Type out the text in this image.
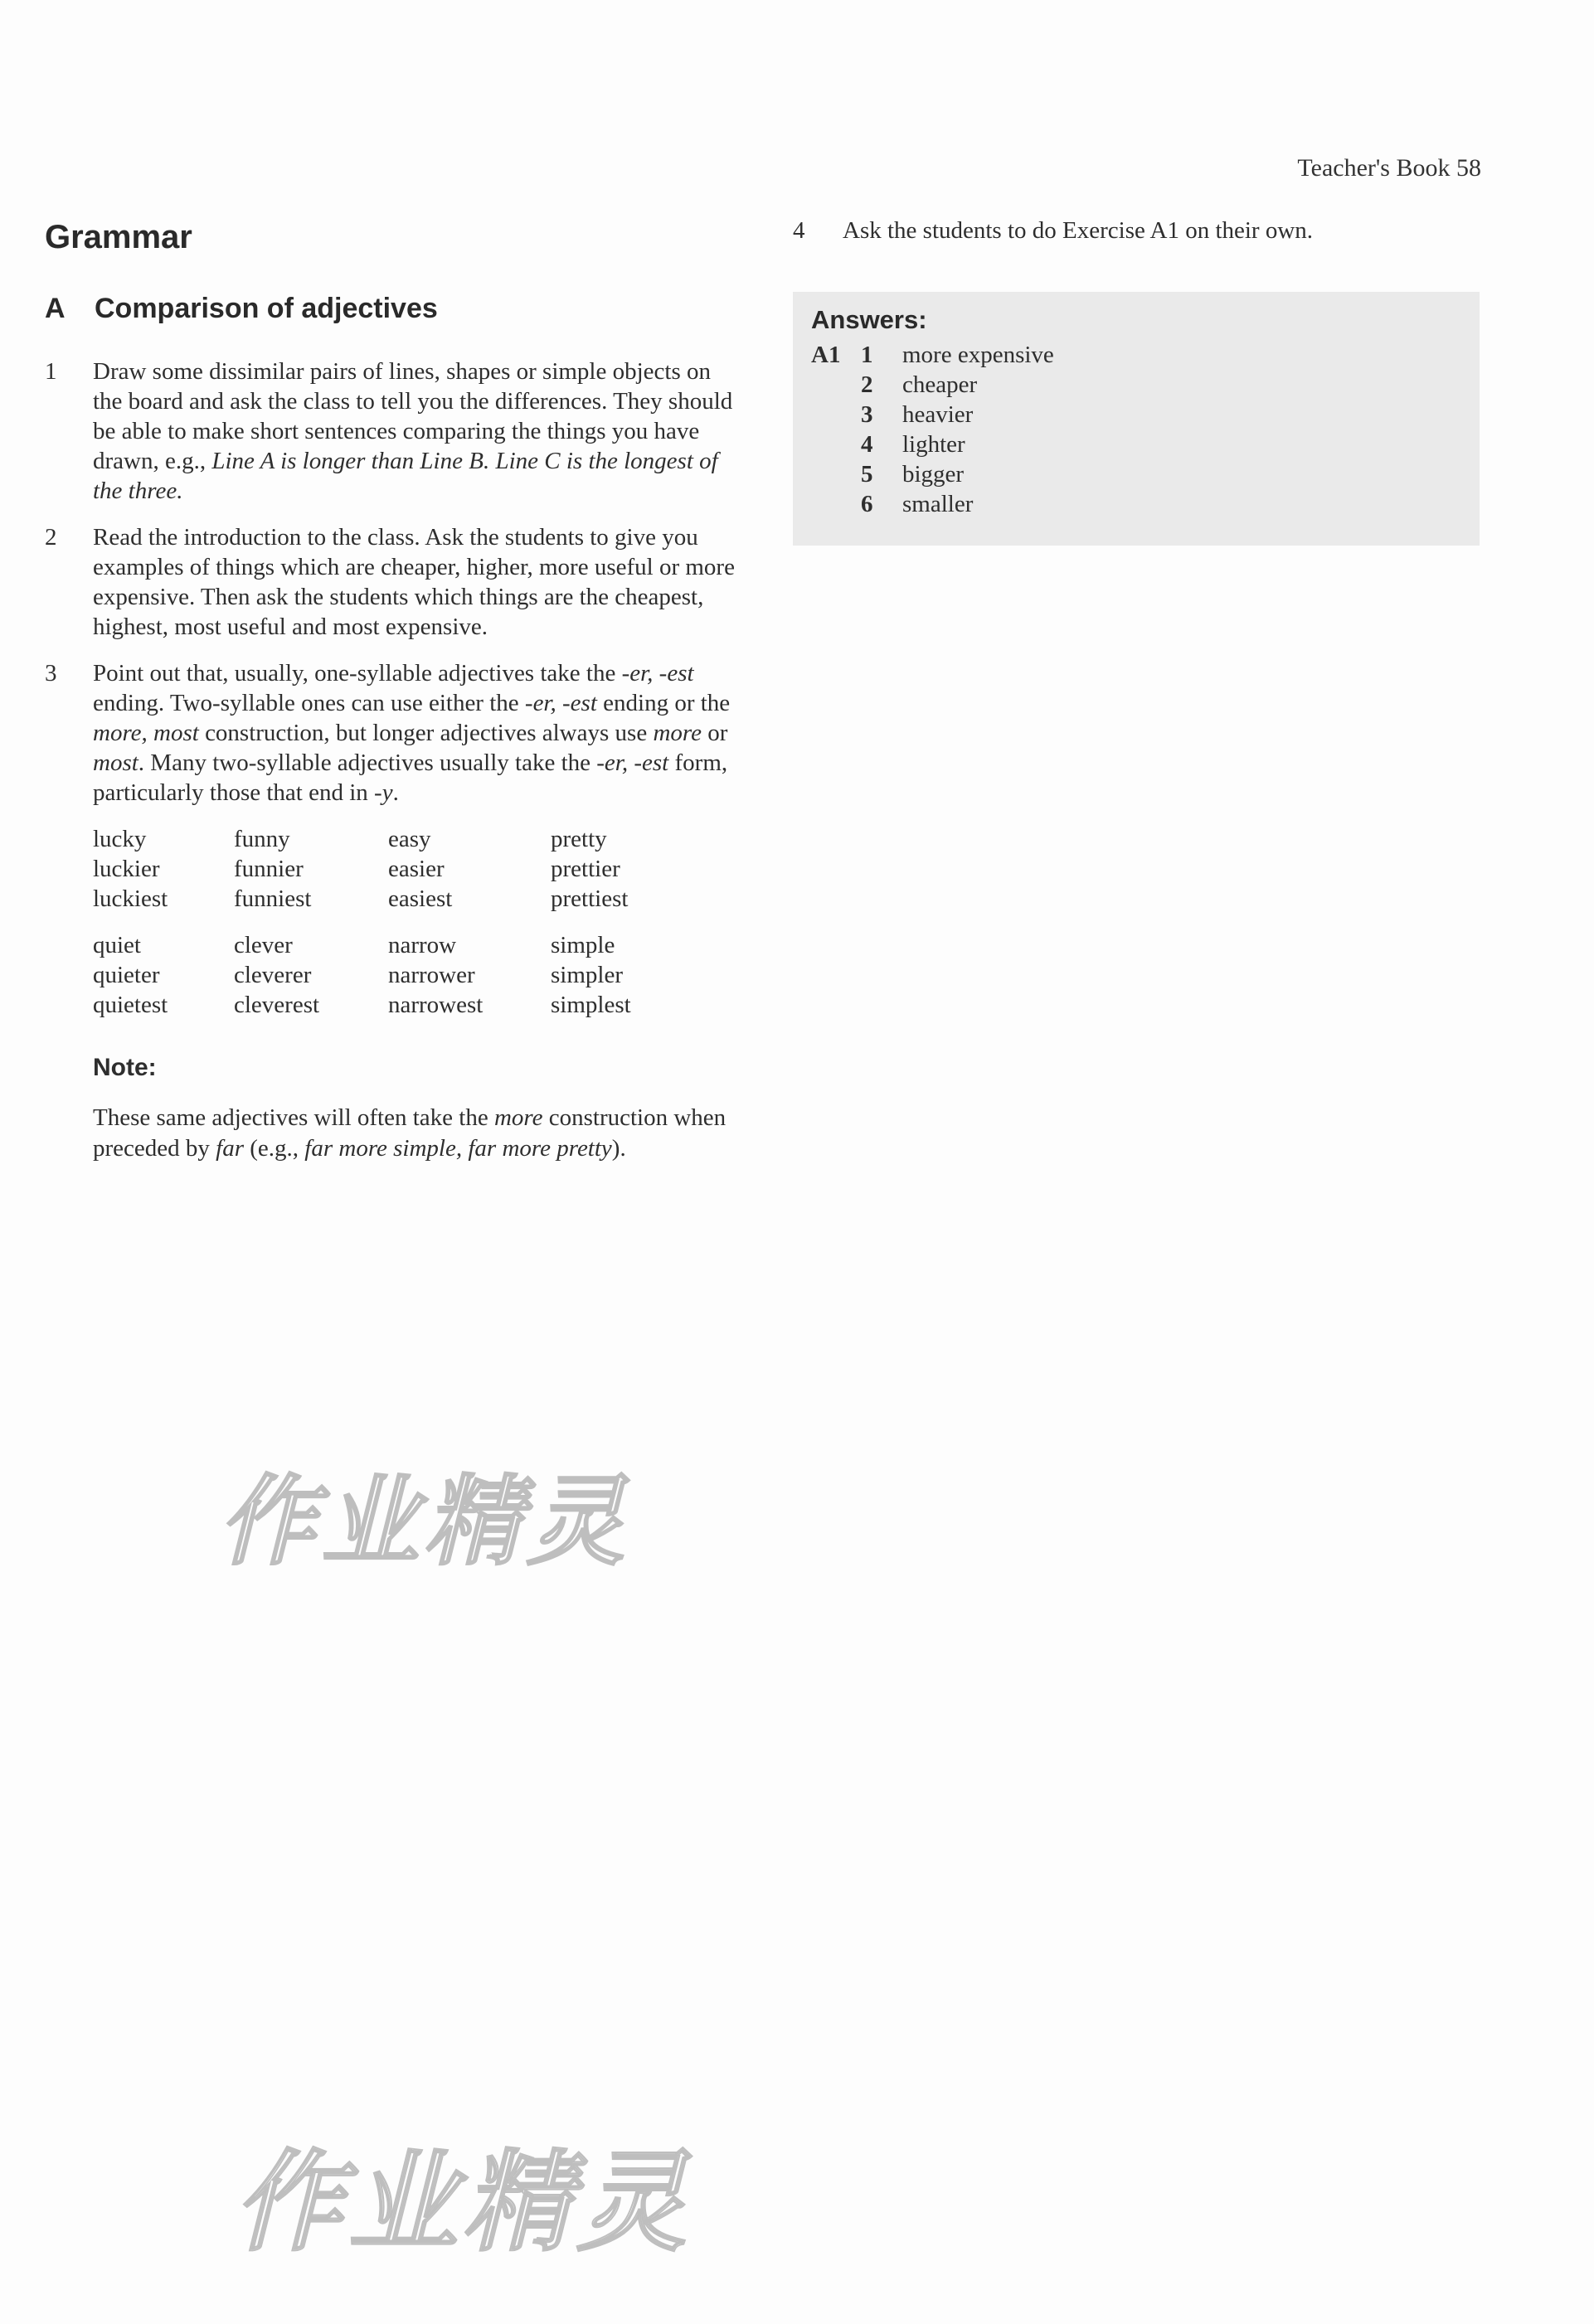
Teacher's Book 58
Grammar
A	Comparison of adjectives
1	Draw some dissimilar pairs of lines, shapes or simple objects on the board and ask the class to tell you the differences. They should be able to make short sentences comparing the things you have drawn, e.g., Line A is longer than Line B. Line C is the longest of the three.
2	Read the introduction to the class. Ask the students to give you examples of things which are cheaper, higher, more useful or more expensive. Then ask the students which things are the cheapest, highest, most useful and most expensive.
3	Point out that, usually, one-syllable adjectives take the -er, -est ending. Two-syllable ones can use either the -er, -est ending or the more, most construction, but longer adjectives always use more or most. Many two-syllable adjectives usually take the -er, -est form, particularly those that end in -y.
lucky	funny	easy	pretty
luckier	funnier	easier	prettier
luckiest	funniest	easiest	prettiest
quiet	clever	narrow	simple
quieter	cleverer	narrower	simpler
quietest	cleverest	narrowest	simplest
Note:
These same adjectives will often take the more construction when preceded by far (e.g., far more simple, far more pretty).
4	Ask the students to do Exercise A1 on their own.
Answers:
A1 1	more expensive
2	cheaper
3	heavier
4	lighter
5	bigger
6	smaller
作业精灵
作业精灵
